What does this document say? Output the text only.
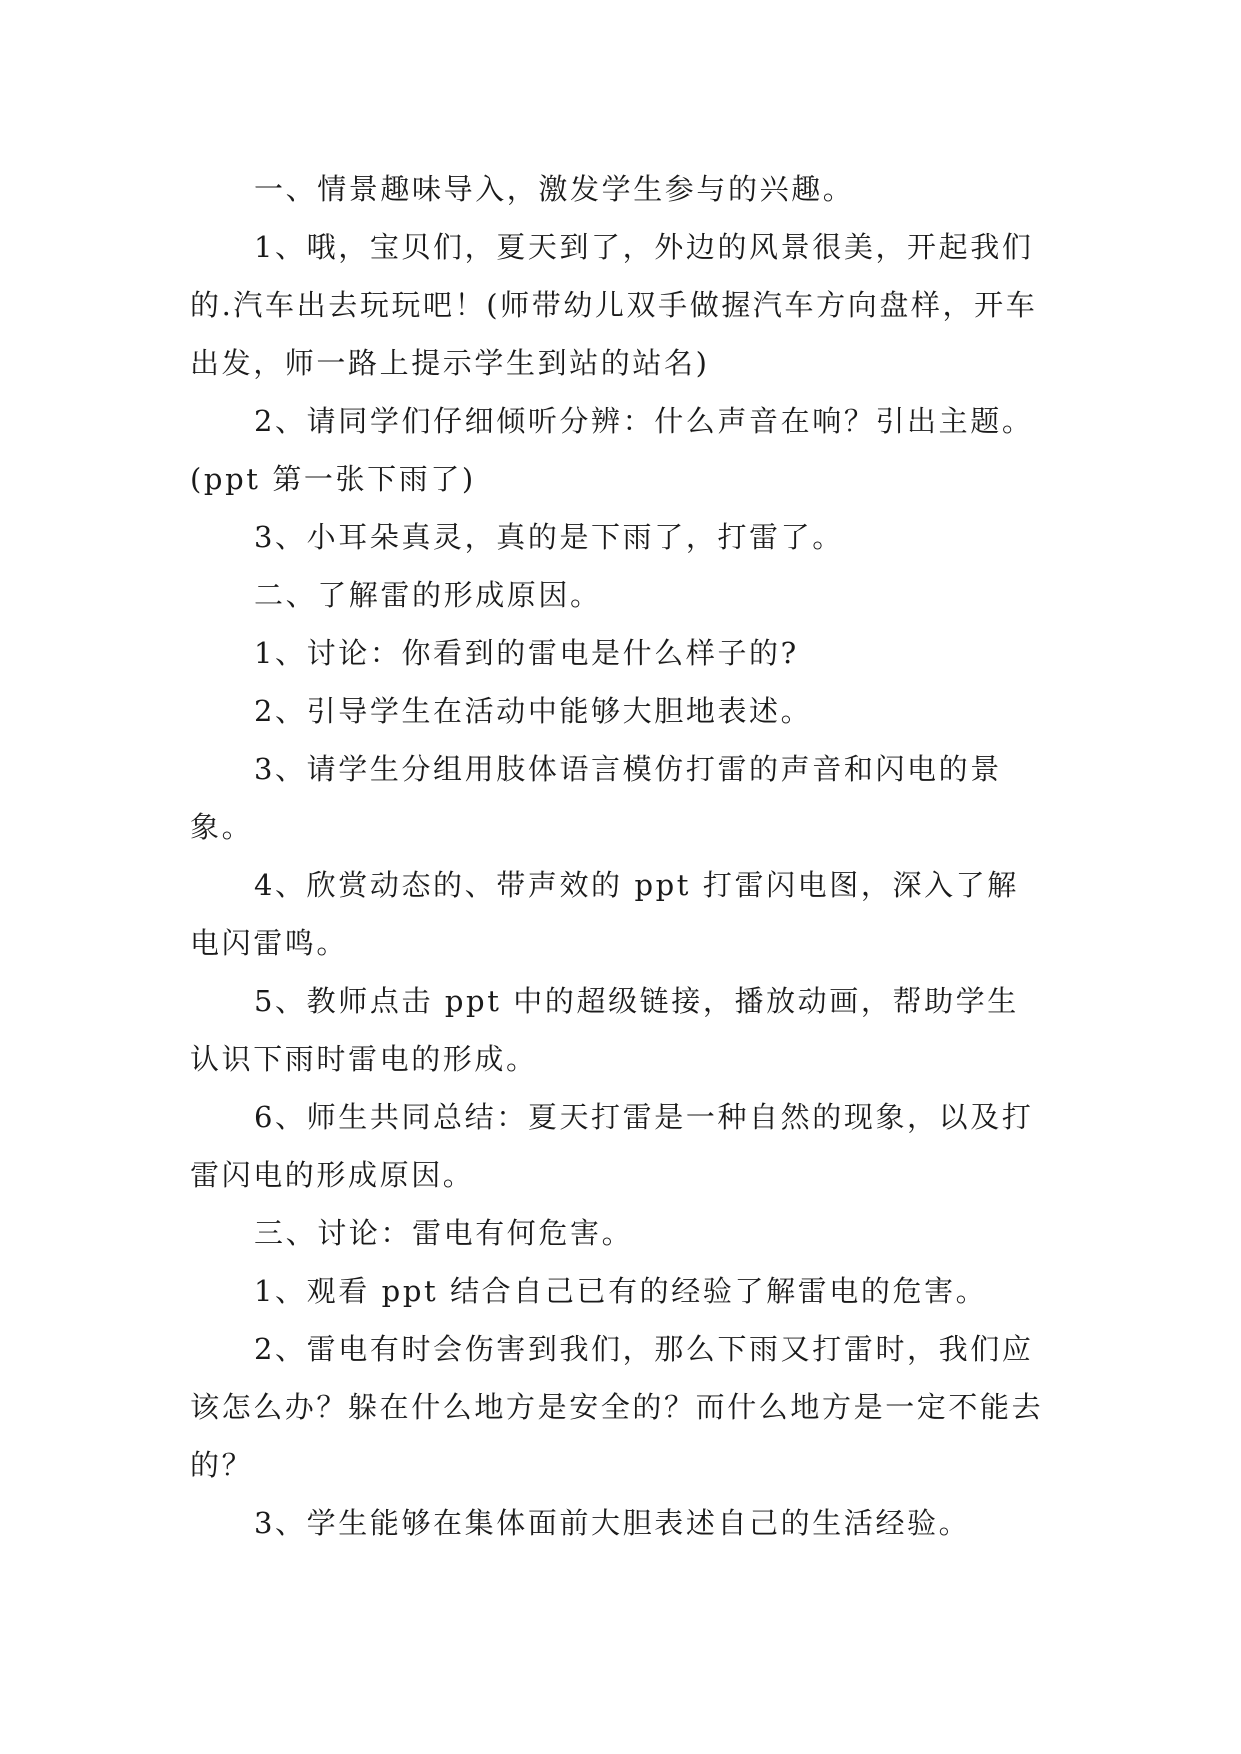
一、情景趣味导入，激发学生参与的兴趣。

1、哦，宝贝们，夏天到了，外边的风景很美，开起我们的.汽车出去玩玩吧！(师带幼儿双手做握汽车方向盘样，开车出发，师一路上提示学生到站的站名)

2、请同学们仔细倾听分辨：什么声音在响？引出主题。(ppt 第一张下雨了)

3、小耳朵真灵，真的是下雨了，打雷了。

二、了解雷的形成原因。

1、讨论：你看到的雷电是什么样子的?

2、引导学生在活动中能够大胆地表述。

3、请学生分组用肢体语言模仿打雷的声音和闪电的景象。

4、欣赏动态的、带声效的 ppt 打雷闪电图，深入了解电闪雷鸣。

5、教师点击 ppt 中的超级链接，播放动画，帮助学生认识下雨时雷电的形成。

6、师生共同总结：夏天打雷是一种自然的现象，以及打雷闪电的形成原因。

三、讨论：雷电有何危害。

1、观看 ppt 结合自己已有的经验了解雷电的危害。

2、雷电有时会伤害到我们，那么下雨又打雷时，我们应该怎么办？躲在什么地方是安全的？而什么地方是一定不能去的？

3、学生能够在集体面前大胆表述自己的生活经验。
